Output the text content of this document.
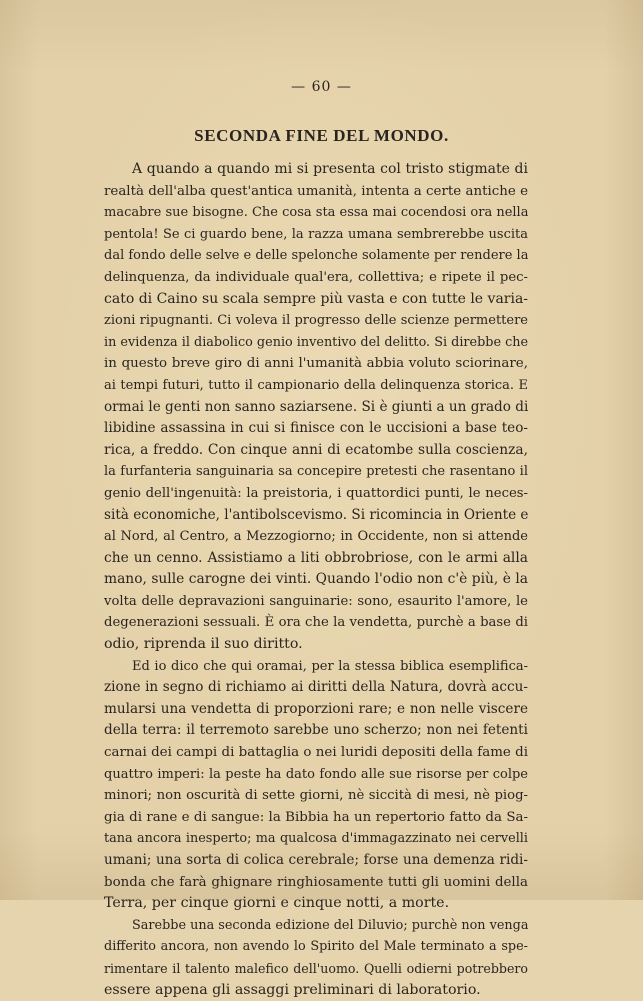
— 60 —
SECONDA FINE DEL MONDO.
A quando a quando mi si presenta col tristo stigmate di
realtà dell'alba quest'antica umanità, intenta a certe antiche e
macabre sue bisogne. Che cosa sta essa mai cocendosi ora nella
pentola! Se ci guardo bene, la razza umana sembrerebbe uscita
dal fondo delle selve e delle spelonche solamente per rendere la
delinquenza, da individuale qual'era, collettiva; e ripete il pec-
cato di Caino su scala sempre più vasta e con tutte le varia-
zioni ripugnanti. Ci voleva il progresso delle scienze permettere
in evidenza il diabolico genio inventivo del delitto. Si direbbe che
in questo breve giro di anni l'umanità abbia voluto sciorinare,
ai tempi futuri, tutto il campionario della delinquenza storica. E
ormai le genti non sanno saziarsene. Si è giunti a un grado di
libidine assassina in cui si finisce con le uccisioni a base teo-
rica, a freddo. Con cinque anni di ecatombe sulla coscienza,
la furfanteria sanguinaria sa concepire pretesti che rasentano il
genio dell'ingenuità: la preistoria, i quattordici punti, le neces-
sità economiche, l'antibolscevismo. Si ricomincia in Oriente e
al Nord, al Centro, a Mezzogiorno; in Occidente, non si attende
che un cenno. Assistiamo a liti obbrobriose, con le armi alla
mano, sulle carogne dei vinti. Quando l'odio non c'è più, è la
volta delle depravazioni sanguinarie: sono, esaurito l'amore, le
degenerazioni sessuali. È ora che la vendetta, purchè a base di
odio, riprenda il suo diritto.
Ed io dico che qui oramai, per la stessa biblica esemplifica-
zione in segno di richiamo ai diritti della Natura, dovrà accu-
mularsi una vendetta di proporzioni rare; e non nelle viscere
della terra: il terremoto sarebbe uno scherzo; non nei fetenti
carnai dei campi di battaglia o nei luridi depositi della fame di
quattro imperi: la peste ha dato fondo alle sue risorse per colpe
minori; non oscurità di sette giorni, nè siccità di mesi, nè piog-
gia di rane e di sangue: la Bibbia ha un repertorio fatto da Sa-
tana ancora inesperto; ma qualcosa d'immagazzinato nei cervelli
umani; una sorta di colica cerebrale; forse una demenza ridi-
bonda che farà ghignare ringhiosamente tutti gli uomini della
Terra, per cinque giorni e cinque notti, a morte.
Sarebbe una seconda edizione del Diluvio; purchè non venga
differito ancora, non avendo lo Spirito del Male terminato a spe-
rimentare il talento malefico dell'uomo. Quelli odierni potrebbero
essere appena gli assaggi preliminari di laboratorio.
